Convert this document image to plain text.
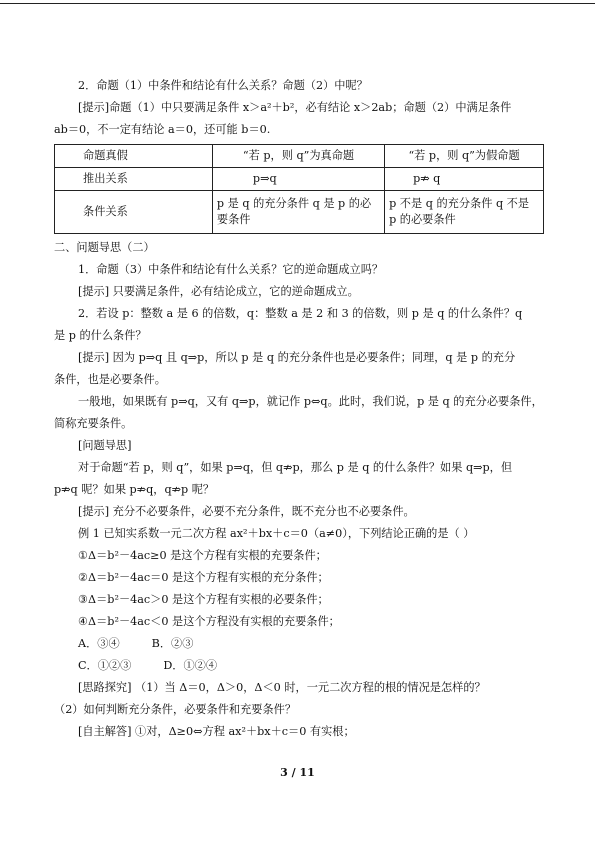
2．命题（1）中条件和结论有什么关系？命题（2）中呢？

[提示]命题（1）中只要满足条件 x＞a²＋b²，必有结论 x＞2ab；命题（2）中满足条件

ab＝0，不一定有结论 a＝0，还可能 b＝0.

命题真假	“若 p，则 q”为真命题	“若 p，则 q”为假命题
推出关系	p⇒q	p⇏ q
条件关系	p 是 q 的充分条件 q 是 p 的必要条件	p 不是 q 的充分条件 q 不是 p 的必要条件

二、问题导思（二）

1．命题（3）中条件和结论有什么关系？它的逆命题成立吗？

[提示] 只要满足条件，必有结论成立，它的逆命题成立。

2．若设 p：整数 a 是 6 的倍数，q：整数 a 是 2 和 3 的倍数，则 p 是 q 的什么条件？q

是 p 的什么条件？

[提示] 因为 p⇒q 且 q⇒p，所以 p 是 q 的充分条件也是必要条件；同理，q 是 p 的充分

条件，也是必要条件。

一般地，如果既有 p⇒q，又有 q⇒p，就记作 p⇔q。此时，我们说，p 是 q 的充分必要条件，

简称充要条件。

[问题导思]

对于命题“若 p，则 q”，如果 p⇒q，但 q⇏p，那么 p 是 q 的什么条件？如果 q⇒p，但

p⇏q 呢？如果 p⇏q，q⇏p 呢？

[提示] 充分不必要条件，必要不充分条件，既不充分也不必要条件。

例 1 已知实系数一元二次方程 ax²＋bx＋c＝0（a≠0），下列结论正确的是（ ）

①Δ＝b²－4ac≥0 是这个方程有实根的充要条件；

②Δ＝b²－4ac＝0 是这个方程有实根的充分条件；

③Δ＝b²－4ac＞0 是这个方程有实根的必要条件；

④Δ＝b²－4ac＜0 是这个方程没有实根的充要条件；

A．③④         B．②③

C．①②③         D．①②④

[思路探究] （1）当 Δ＝0，Δ＞0，Δ＜0 时，一元二次方程的根的情况是怎样的？

（2）如何判断充分条件，必要条件和充要条件？

[自主解答] ①对，Δ≥0⇔方程 ax²＋bx＋c＝0 有实根；

3 / 11
